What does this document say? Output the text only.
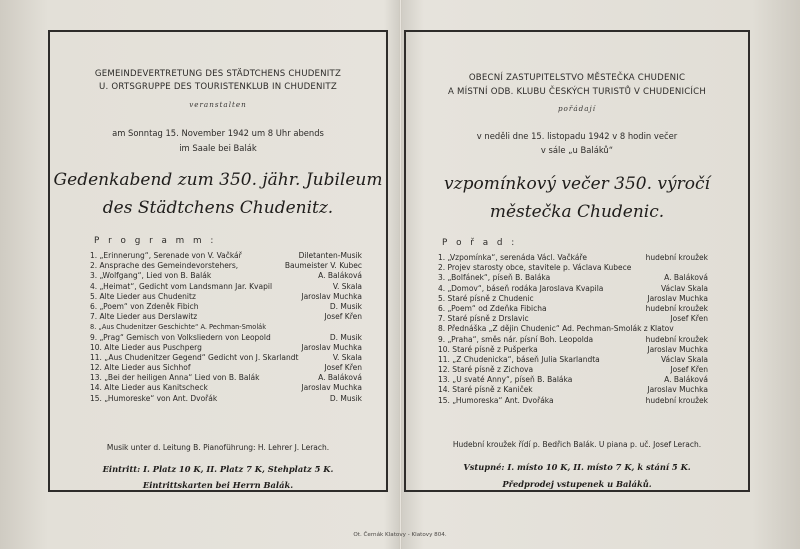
GEMEINDEVERTRETUNG DES STÄDTCHENS CHUDENITZ
U. ORTSGRUPPE DES TOURISTENKLUB IN CHUDENITZ
veranstalten
am Sonntag 15. November 1942 um 8 Uhr abends
im Saale bei Balák
Gedenkabend zum 350. jähr. Jubileum
des Städtchens Chudenitz.
P r o g r a m m :
1. „Erinnerung“, Serenade von V. Vačkář	Diletanten-Musik
2. Ansprache des Gemeindevorstehers,	Baumeister V. Kubec
3. „Wolfgang“, Lied von B. Balák	A. Baláková
4. „Heimat“, Gedicht vom Landsmann Jar. Kvapil	V. Skala
5. Alte Lieder aus Chudenitz	Jaroslav Muchka
6. „Poem“ von Zdeněk Fibich	D. Musik
7. Alte Lieder aus Derslawitz	Josef Křen
8. „Aus Chudenitzer Geschichte“ A. Pechman-Smolák
9. „Prag“ Gemisch von Volksliedern von Leopold	D. Musik
10. Alte Lieder aus Puschperg	Jaroslav Muchka
11. „Aus Chudenitzer Gegend“ Gedicht von J. Skarlandt	V. Skala
12. Alte Lieder aus Sichhof	Josef Křen
13. „Bei der heiligen Anna“ Lied von B. Balák	A. Baláková
14. Alte Lieder aus Kanitscheck	Jaroslav Muchka
15. „Humoreske“ von Ant. Dvořák	D. Musik
Musik unter d. Leitung B. Pianoführung: H. Lehrer J. Lerach.
Eintritt: I. Platz 10 K, II. Platz 7 K, Stehplatz 5 K.
Eintrittskarten bei Herrn Balák.
OBECNÍ ZASTUPITELSTVO MĚSTEČKA CHUDENIC
A MÍSTNÍ ODB. KLUBU ČESKÝCH TURISTŮ V CHUDENICÍCH
pořádají
v neděli dne 15. listopadu 1942 v 8 hodin večer
v sále „u Baláků“
vzpomínkový večer 350. výročí
městečka Chudenic.
P o ř a d :
1. „Vzpomínka“, serenáda Václ. Vačkáře	hudební kroužek
2. Projev starosty obce, stavitele p. Václava Kubece
3. „Bolfánek“, píseň B. Baláka	A. Baláková
4. „Domov“, báseň rodáka Jaroslava Kvapila	Václav Skala
5. Staré písně z Chudenic	Jaroslav Muchka
6. „Poem“ od Zdeňka Fibicha	hudební kroužek
7. Staré písně z Drslavic	Josef Křen
8. Přednáška „Z dějin Chudenic“ Ad. Pechman-Smolák z Klatov
9. „Praha“, směs nár. písní Boh. Leopolda	hudební kroužek
10. Staré písně z Pušperka	Jaroslav Muchka
11. „Z Chudenicka“, báseň Julia Skarlandta	Václav Skala
12. Staré písně z Zichova	Josef Křen
13. „U svaté Anny“, píseň B. Baláka	A. Baláková
14. Staré písně z Kaniček	Jaroslav Muchka
15. „Humoreska“ Ant. Dvořáka	hudební kroužek
Hudební kroužek řídí p. Bedřich Balák. U piana p. uč. Josef Lerach.
Vstupné: I. místo 10 K, II. místo 7 K, k stání 5 K.
Předprodej vstupenek u Baláků.
Ot. Černák Klatovy - Klatovy 804.
